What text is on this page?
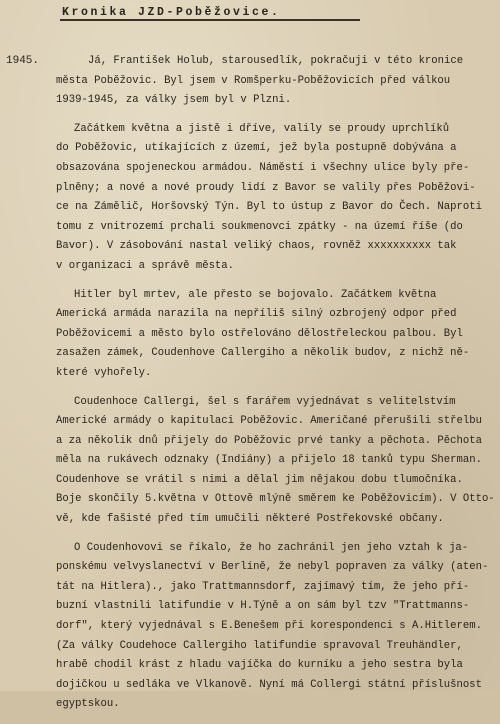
Kronika JZD-Poběžovice.
1945.	Já, František Holub, starousedlík, pokračuji v této kronice
města Poběžovic. Byl jsem v Romšperku-Poběžovicích před válkou
1939-1945, za války jsem byl v Plzni.
Začátkem května a jistě i dříve, valily se proudy uprchlíků
do Poběžovic, utíkajících z území, jež byla postupně dobývána a
obsazována spojeneckou armádou. Náměstí i všechny ulice byly pře-
plněny; a nové a nové proudy lidí z Bavor se valily přes Poběžovi-
ce na Zámělič, Horšovský Týn. Byl to ústup z Bavor do Čech. Naproti
tomu z vnitrozemí prchali soukmenovci zpátky - na území říše (do
Bavor). V zásobování nastal veliký chaos, rovněž xxxxxxxxxx tak
v organizaci a správě města.
Hitler byl mrtev, ale přesto se bojovalo. Začátkem května
Americká armáda narazila na nepříliš silný ozbrojený odpor před
Poběžovicemi a město bylo ostřelováno dělostřeleckou palbou. Byl
zasažen zámek, Coudenhove Callergiho a několik budov, z nichž ně-
které vyhořely.
Coudenhoce Callergi, šel s farářem vyjednávat s velitelstvím
Americké armády o kapitulaci Poběžovic. Američané přerušili střelbu
a za několik dnů přijely do Poběžovic prvé tanky a pěchota. Pěchota
měla na rukávech odznaky (Indiány) a přijelo 18 tanků typu Sherman.
Coudenhove se vrátil s nimi a dělal jim nějakou dobu tlumočníka.
Boje skončily 5.května v Ottově mlýně směrem ke Poběžovicím). V Otto-
vě, kde fašisté před tím umučili některé Postřekovské občany.
O Coudenhovovi se říkalo, že ho zachránil jen jeho vztah k ja-
ponskému velvyslanectví v Berlíně, že nebyl popraven za války (aten-
tát na Hitlera)., jako Trattmannsdorf, zajímavý tím, že jeho pří-
buzní vlastnili latifundie v H.Týně a on sám byl tzv "Trattmanns-
dorf", který vyjednával s E.Benešem při korespondenci s A.Hitlerem.
(Za války Coudehoce Callergiho latifundie spravoval Treuhändler,
hrabě chodil krást z hladu vajíčka do kurníku a jeho sestra byla
dojičkou u sedláka ve Vlkanově. Nyní má Collergi státní příslušnost
egyptskou.
